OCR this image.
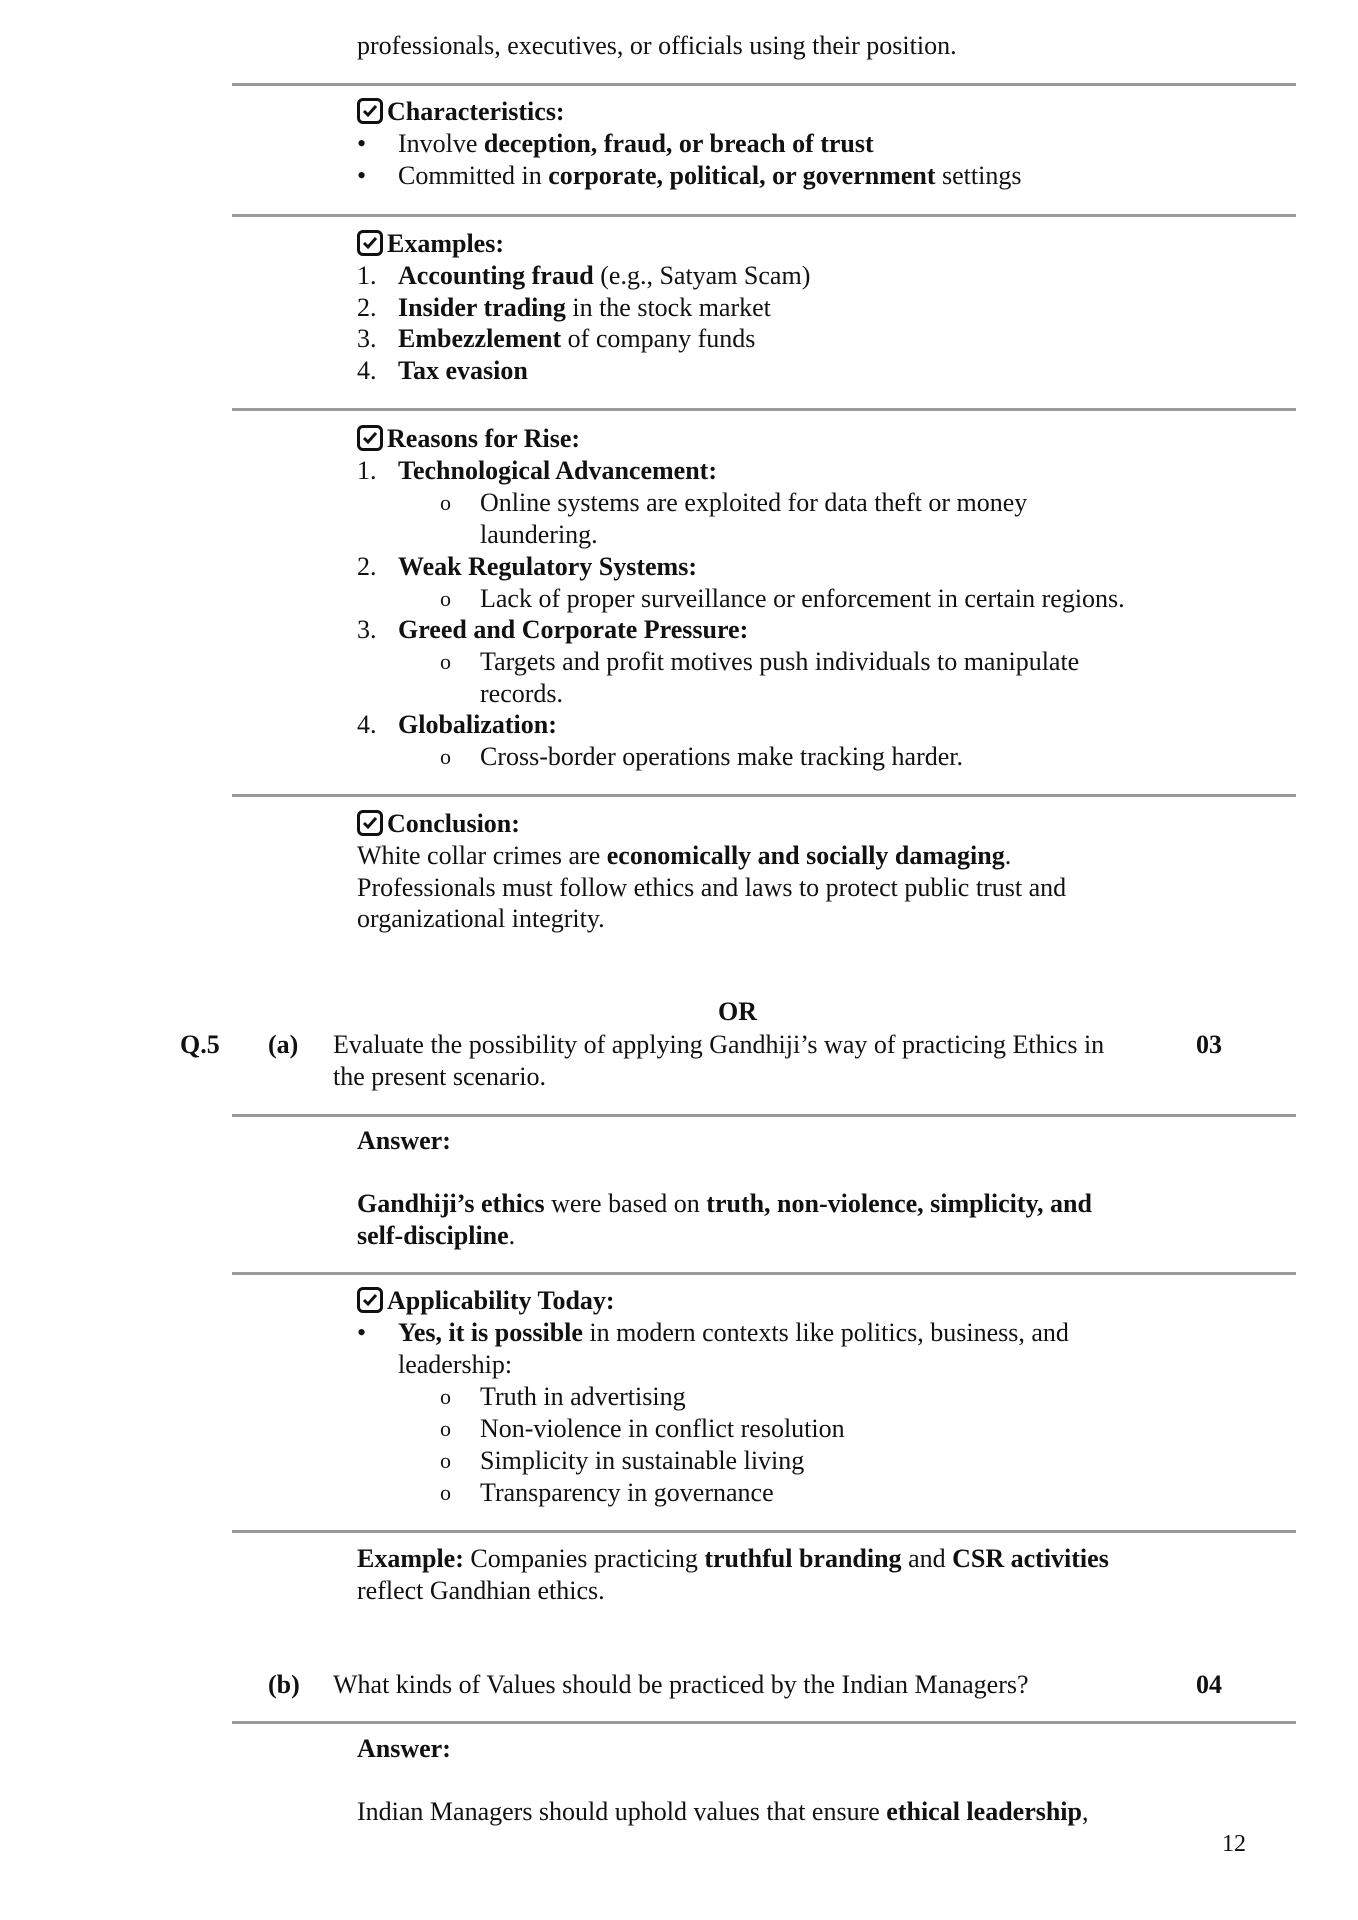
professionals, executives, or officials using their position.
Characteristics:
• Involve deception, fraud, or breach of trust
• Committed in corporate, political, or government settings
Examples:
1. Accounting fraud (e.g., Satyam Scam)
2. Insider trading in the stock market
3. Embezzlement of company funds
4. Tax evasion
Reasons for Rise:
1. Technological Advancement:
o Online systems are exploited for data theft or money
laundering.
2. Weak Regulatory Systems:
o Lack of proper surveillance or enforcement in certain regions.
3. Greed and Corporate Pressure:
o Targets and profit motives push individuals to manipulate
records.
4. Globalization:
o Cross-border operations make tracking harder.
Conclusion:
White collar crimes are economically and socially damaging.
Professionals must follow ethics and laws to protect public trust and
organizational integrity.
OR
Q.5 (a) Evaluate the possibility of applying Gandhiji’s way of practicing Ethics in
the present scenario.
03
Answer:
Gandhiji’s ethics were based on truth, non-violence, simplicity, and
self-discipline.
Applicability Today:
• Yes, it is possible in modern contexts like politics, business, and
leadership:
o Truth in advertising
o Non-violence in conflict resolution
o Simplicity in sustainable living
o Transparency in governance
Example: Companies practicing truthful branding and CSR activities
reflect Gandhian ethics.
(b) What kinds of Values should be practiced by the Indian Managers?	04
Answer:
Indian Managers should uphold values that ensure ethical leadership,
12
